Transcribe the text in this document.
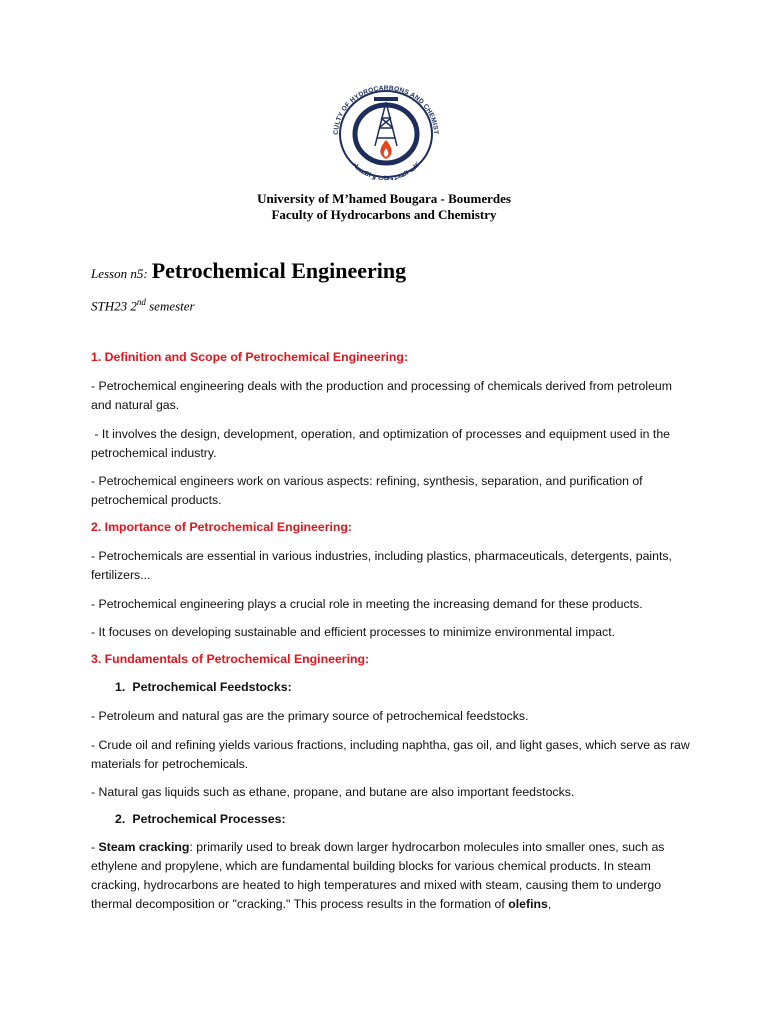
CULTY OF HYDROCARBONS AND CHEMIST
كلية المحروقات و الكيمياء
University of M’hamed Bougara - Boumerdes
Faculty of Hydrocarbons and Chemistry
Lesson n5: Petrochemical Engineering
STH23 2nd semester
1. Definition and Scope of Petrochemical Engineering:
- Petrochemical engineering deals with the production and processing of chemicals derived from petroleum and natural gas.
- It involves the design, development, operation, and optimization of processes and equipment used in the petrochemical industry.
- Petrochemical engineers work on various aspects: refining, synthesis, separation, and purification of petrochemical products.
2. Importance of Petrochemical Engineering:
- Petrochemicals are essential in various industries, including plastics, pharmaceuticals, detergents, paints, fertilizers...
- Petrochemical engineering plays a crucial role in meeting the increasing demand for these products.
- It focuses on developing sustainable and efficient processes to minimize environmental impact.
3. Fundamentals of Petrochemical Engineering:
1. Petrochemical Feedstocks:
- Petroleum and natural gas are the primary source of petrochemical feedstocks.
- Crude oil and refining yields various fractions, including naphtha, gas oil, and light gases, which serve as raw materials for petrochemicals.
- Natural gas liquids such as ethane, propane, and butane are also important feedstocks.
2. Petrochemical Processes:
- Steam cracking: primarily used to break down larger hydrocarbon molecules into smaller ones, such as ethylene and propylene, which are fundamental building blocks for various chemical products. In steam cracking, hydrocarbons are heated to high temperatures and mixed with steam, causing them to undergo thermal decomposition or "cracking." This process results in the formation of olefins,
